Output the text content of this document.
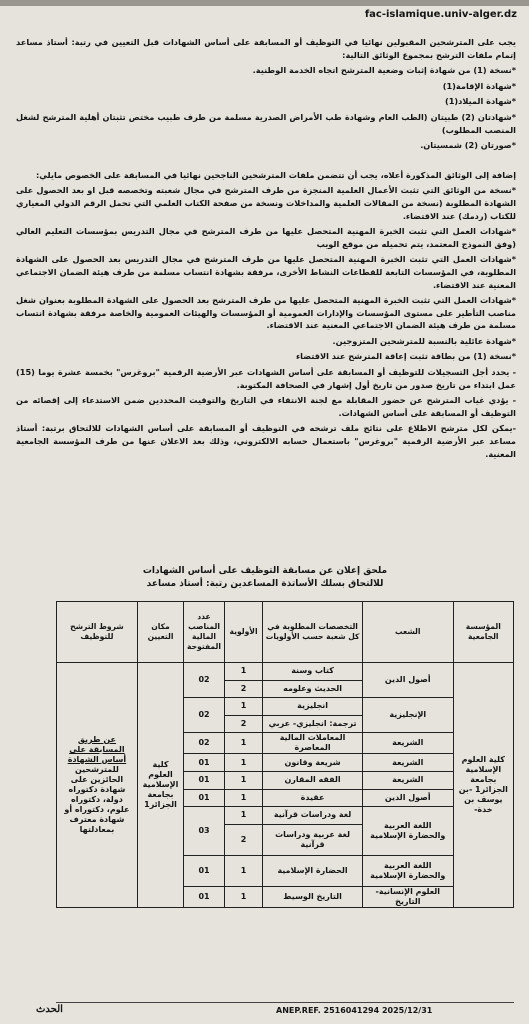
fac-islamique.univ-alger.dz

يجب على المترشحين المقبولين نهائيا في التوظيف أو المسابقة على أساس الشهادات قبل التعيين في رتبة: أستاذ مساعد إتمام ملفات الترشح بمجموع الوثائق التالية:

*نسخة (1) من شهادة إثبات وضعية المترشح اتجاه الخدمة الوطنية.

*شهادة الإقامة(1)

*شهادة الميلاد(1)

*شهادتان (2) طبيتان (الطب العام وشهادة طب الأمراض الصدرية مسلمة من طرف طبيب مختص تثبتان أهلية المترشح لشغل المنصب المطلوب)

*صورتان (2) شمسيتان.

إضافة إلى الوثائق المذكورة أعلاه، يجب أن تتضمن ملفات المترشحين الناجحين نهائيا في المسابقة على الخصوص مايلي:

*نسخة من الوثائق التي تثبت الأعمال العلمية المنجزة من طرف المترشح في مجال شعبته وتخصصه قبل او بعد الحصول على الشهادة المطلوبة (نسخة من المقالات العلمية والمداخلات ونسخة من صفحة الكتاب العلمي التي تحمل الرقم الدولي المعياري للكتاب (ردمك) عند الاقتضاء.

*شهادات العمل التي تثبت الخبرة المهنية المتحصل عليها من طرف المترشح في مجال التدريس بمؤسسات التعليم العالي (وفق النموذج المعتمد، يتم تحميله من موقع الويب

*شهادات العمل التي تثبت الخبرة المهنية المتحصل عليها من طرف المترشح في مجال التدريس بعد الحصول على الشهادة المطلوبة، في المؤسسات التابعة للقطاعات النشاط الأخرى، مرفقة بشهادة انتساب مسلمة من طرف هيئة الضمان الاجتماعي المعنية عند الاقتضاء.

*شهادات العمل التي تثبت الخبرة المهنية المتحصل عليها من طرف المترشح بعد الحصول على الشهادة المطلوبة بعنوان شغل مناصب التأطير على مستوى المؤسسات والإدارات العمومية أو المؤسسات والهيئات العمومية والخاصة مرفقة بشهادة انتساب مسلمة من طرف هيئة الضمان الاجتماعي المعنية عند الاقتضاء.

*شهادة عائلية بالنسبة للمترشحين المتزوجين.

*نسخة (1) من بطاقة تثبت إعاقة المترشح عند الاقتضاء

- يحدد أجل التسجيلات للتوظيف أو المسابقة على أساس الشهادات عبر الأرضية الرقمية "بروغرس" بخمسة عشرة يوما (15) عمل ابتداء من تاريخ صدور من تاريخ أول إشهار في الصحافة المكتوبة.

- يؤدي غياب المترشح عن حضور المقابلة مع لجنة الانتقاء في التاريخ والتوقيت المحددين ضمن الاستدعاء إلى إقصائه من التوظيف أو المسابقة على أساس الشهادات.

-يمكن لكل مترشح الاطلاع على نتائج ملف ترشحه في التوظيف أو المسابقة على أساس الشهادات للالتحاق برتبة: أستاذ مساعد عبر الأرضية الرقمية "بروغرس" باستعمال حسابه الالكتروني، وذلك بعد الاعلان عنها من طرف المؤسسة الجامعية المعنية.

ملحق إعلان عن مسابقة التوظيف على أساس الشهادات
للالتحاق بسلك الأساتذة المساعدين رتبة: أستاذ مساعد
المؤسسة الجامعية	الشعب	التخصصات المطلوبة في كل شعبة حسب الأولويات	الأولوية	عدد المناصب المالية المفتوحة	مكان التعيين	شروط الترشح للتوظيف
كلية العلوم الإسلامية بجامعة الجزائر1 -بن يوسف بن خدة-	أصول الدين	كتاب وسنة	1	02	كلية العلوم الإسلامية بجامعة الجزائر1	عن طريق المسابقة على أساس الشهادة
للمترشحين الحائزين على شهادة دكتوراه دولة، دكتوراه علوم، دكتوراه أو شهادة معترف بمعادلتها
		الحديث وعلومه	2			
	الإنجليزية	انجليزية	1	02		
		ترجمة: انجليزي- عربي	2			
	الشريعة	المعاملات المالية المعاصرة	1	02		
	الشريعة	شريعة وقانون	1	01		
	الشريعة	الفقه المقارن	1	01		
	أصول الدين	عقيدة	1	01		
	اللغة العربية والحضارة الإسلامية	لغة ودراسات قرآنية	1	03		
		لغة عربية ودراسات قرآنية	2			
	اللغة العربية والحضارة الإسلامية	الحضارة الإسلامية	1	01		
	العلوم الإنسانية-التاريخ	التاريخ الوسيط	1	01		
الحدث	ANEP.REF. 2516041294 2025/12/31
